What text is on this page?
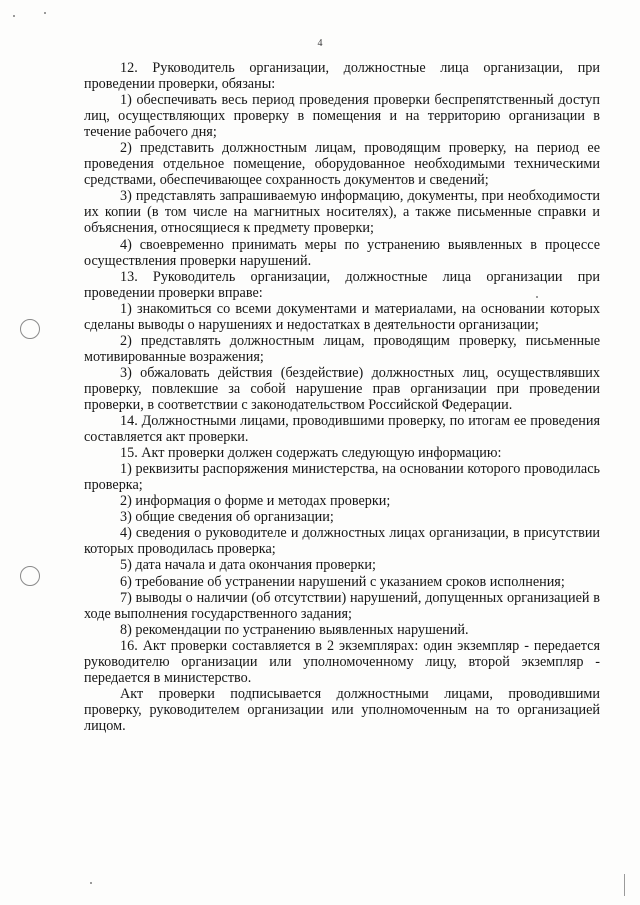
4

12. Руководитель организации, должностные лица организации, при проведении проверки, обязаны:

1) обеспечивать весь период проведения проверки беспрепятственный доступ лиц, осуществляющих проверку в помещения и на территорию организации в течение рабочего дня;

2) представить должностным лицам, проводящим проверку, на период ее проведения отдельное помещение, оборудованное необходимыми техническими средствами, обеспечивающее сохранность документов и сведений;

3) представлять запрашиваемую информацию, документы, при необходимости их копии (в том числе на магнитных носителях), а также письменные справки и объяснения, относящиеся к предмету проверки;

4) своевременно принимать меры по устранению выявленных в процессе осуществления проверки нарушений.

13. Руководитель организации, должностные лица организации при проведении проверки вправе:

1) знакомиться со всеми документами и материалами, на основании которых сделаны выводы о нарушениях и недостатках в деятельности организации;

2) представлять должностным лицам, проводящим проверку, письменные мотивированные возражения;

3) обжаловать действия (бездействие) должностных лиц, осуществлявших проверку, повлекшие за собой нарушение прав организации при проведении проверки, в соответствии с законодательством Российской Федерации.

14. Должностными лицами, проводившими проверку, по итогам ее проведения составляется акт проверки.

15. Акт проверки должен содержать следующую информацию:

1) реквизиты распоряжения министерства, на основании которого проводилась проверка;

2) информация о форме и методах проверки;

3) общие сведения об организации;

4) сведения о руководителе и должностных лицах организации, в присутствии которых проводилась проверка;

5) дата начала и дата окончания проверки;

6) требование об устранении нарушений с указанием сроков исполнения;

7) выводы о наличии (об отсутствии) нарушений, допущенных организацией в ходе выполнения государственного задания;

8) рекомендации по устранению выявленных нарушений.

16. Акт проверки составляется в 2 экземплярах: один экземпляр - передается руководителю организации или уполномоченному лицу, второй экземпляр - передается в министерство.

Акт проверки подписывается должностными лицами, проводившими проверку, руководителем организации или уполномоченным на то организацией лицом.
